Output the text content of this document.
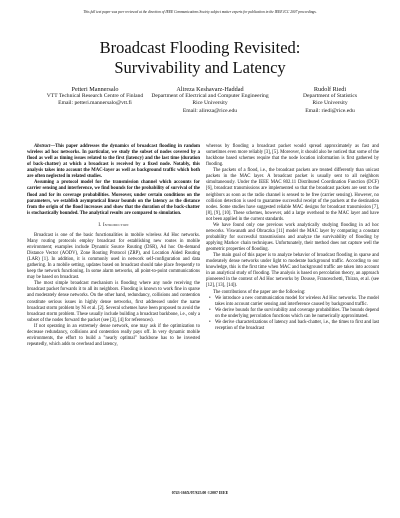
This full text paper was peer reviewed at the direction of IEEE Communications Society subject matter experts for publication in the IEEE ICC 2007 proceedings.
Broadcast Flooding Revisited:
Survivability and Latency
Petteri Mannersalo
VTT Technical Research Centre of Finland
Email: petteri.mannersalo@vtt.fi
Alireza Keshavarz-Haddad
Department of Electrical and Computer Engineering
Rice University
Email: alireza@rice.edu
Rudolf Riedi
Department of Statistics
Rice University
Email: riedi@rice.edu

Abstract—This paper addresses the dynamics of broadcast flooding in random wireless ad hoc networks. In particular, we study the subset of nodes covered by a flood as well as timing issues related to the first (latency) and the last time (duration of back-chatter) at which a broadcast is received by a fixed node. Notably, this analysis takes into account the MAC-layer as well as background traffic which both are often neglected in related studies.

Assuming a protocol model for the transmission channel which accounts for carrier sensing and interference, we find bounds for the probability of survival of the flood and for its coverage probabilities. Moreover, under certain conditions on the parameters, we establish asymptotical linear bounds on the latency as the distance from the origin of the flood increases and show that the duration of the back-chatter is stochastically bounded. The analytical results are compared to simulation.

I. Introduction

Broadcast is one of the basic functionalities in mobile wireless Ad Hoc networks. Many routing protocols employ broadcast for establishing new routes in mobile environment; examples include Dynamic Source Routing (DSR), Ad hoc On-demand Distance Vector (AODV), Zone Routing Protocol (ZRP), and Location Aided Routing (LAR) [1]. In addition, it is commonly used in network self-configuration and data gathering. In a mobile setting, updates based on broadcast should take place frequently to keep the network functioning. In some alarm networks, all point-to-point communications may be based on broadcast.

The most simple broadcast mechanism is flooding where any node receiving the broadcast packet forwards it to all its neighbors. Flooding is known to work fine in sparse and moderately dense networks. On the other hand, redundancy, collisions and contention constitute serious issues in highly dense networks, first addressed under the name broadcast storm problem by Ni et al. [2]. Several schemes have been proposed to avoid the broadcast storm problem. These usually include building a broadcast backbone, i.e., only a subset of the nodes forward the packet (see [3], [4] for references).

If not operating in an extremely dense network, one may ask if the optimization to decrease redundancy, collisions and contention really pays off. In very dynamic mobile environments, the effort to build a "nearly optimal" backbone has to be invested repeatedly, which adds to overhead and latency,

whereas by flooding a broadcast packet would spread approximately as fast and sometimes even more reliably [3], [5]. Moreover, it should also be noticed that some of the backbone based schemes require that the node location information is first gathered by flooding.

The packets of a flood, i.e., the broadcast packets are treated differently than unicast packets in the MAC layer. A broadcast packet is usually sent to all neighbors simultaneously. Under the IEEE MAC 802.11 Distributed Coordination Function (DCF) [6], broadcast transmissions are implemented so that the broadcast packets are sent to the neighbors as soon as the radio channel is sensed to be free (carrier sensing). However, no collision detection is used to guarantee successful receipt of the packets at the destination nodes. Some studies have suggested reliable MAC designs for broadcast transmission [7], [8], [9], [10]. These schemes, however, add a large overhead to the MAC layer and have not been applied in the current standards.

We have found only one previous work analytically studying flooding in ad hoc networks. Viswanath and Obraczka [11] model the MAC layer by computing a constant probability for successful transmissions and analyze the survivability of flooding by applying Markov chain techniques. Unfortunately, their method does not capture well the geometric properties of flooding.

The main goal of this paper is to analyze behavior of broadcast flooding in sparse and moderately dense networks under light to moderate background traffic. According to our knowledge, this is the first time when MAC and background traffic are taken into account in an analytical study of flooding. The analysis is based on percolation theory, an approach pioneered in the context of Ad Hoc networks by Dousse, Franceschetti, Thiran, et al. (see [12], [13], [14]).

The contributions of the paper are the following:

• We introduce a new communication model for wireless Ad Hoc networks. The model takes into account carrier sensing and interference caused by background traffic.
• We derive bounds for the survivability and coverage probabilities. The bounds depend on the underlying percolation functions which can be numerically approximated.
• We derive characterizations of latency and back-chatter, i.e., the times to first and last reception of the broadcast
0743-166X/07/$25.00 ©2007 IEEE
